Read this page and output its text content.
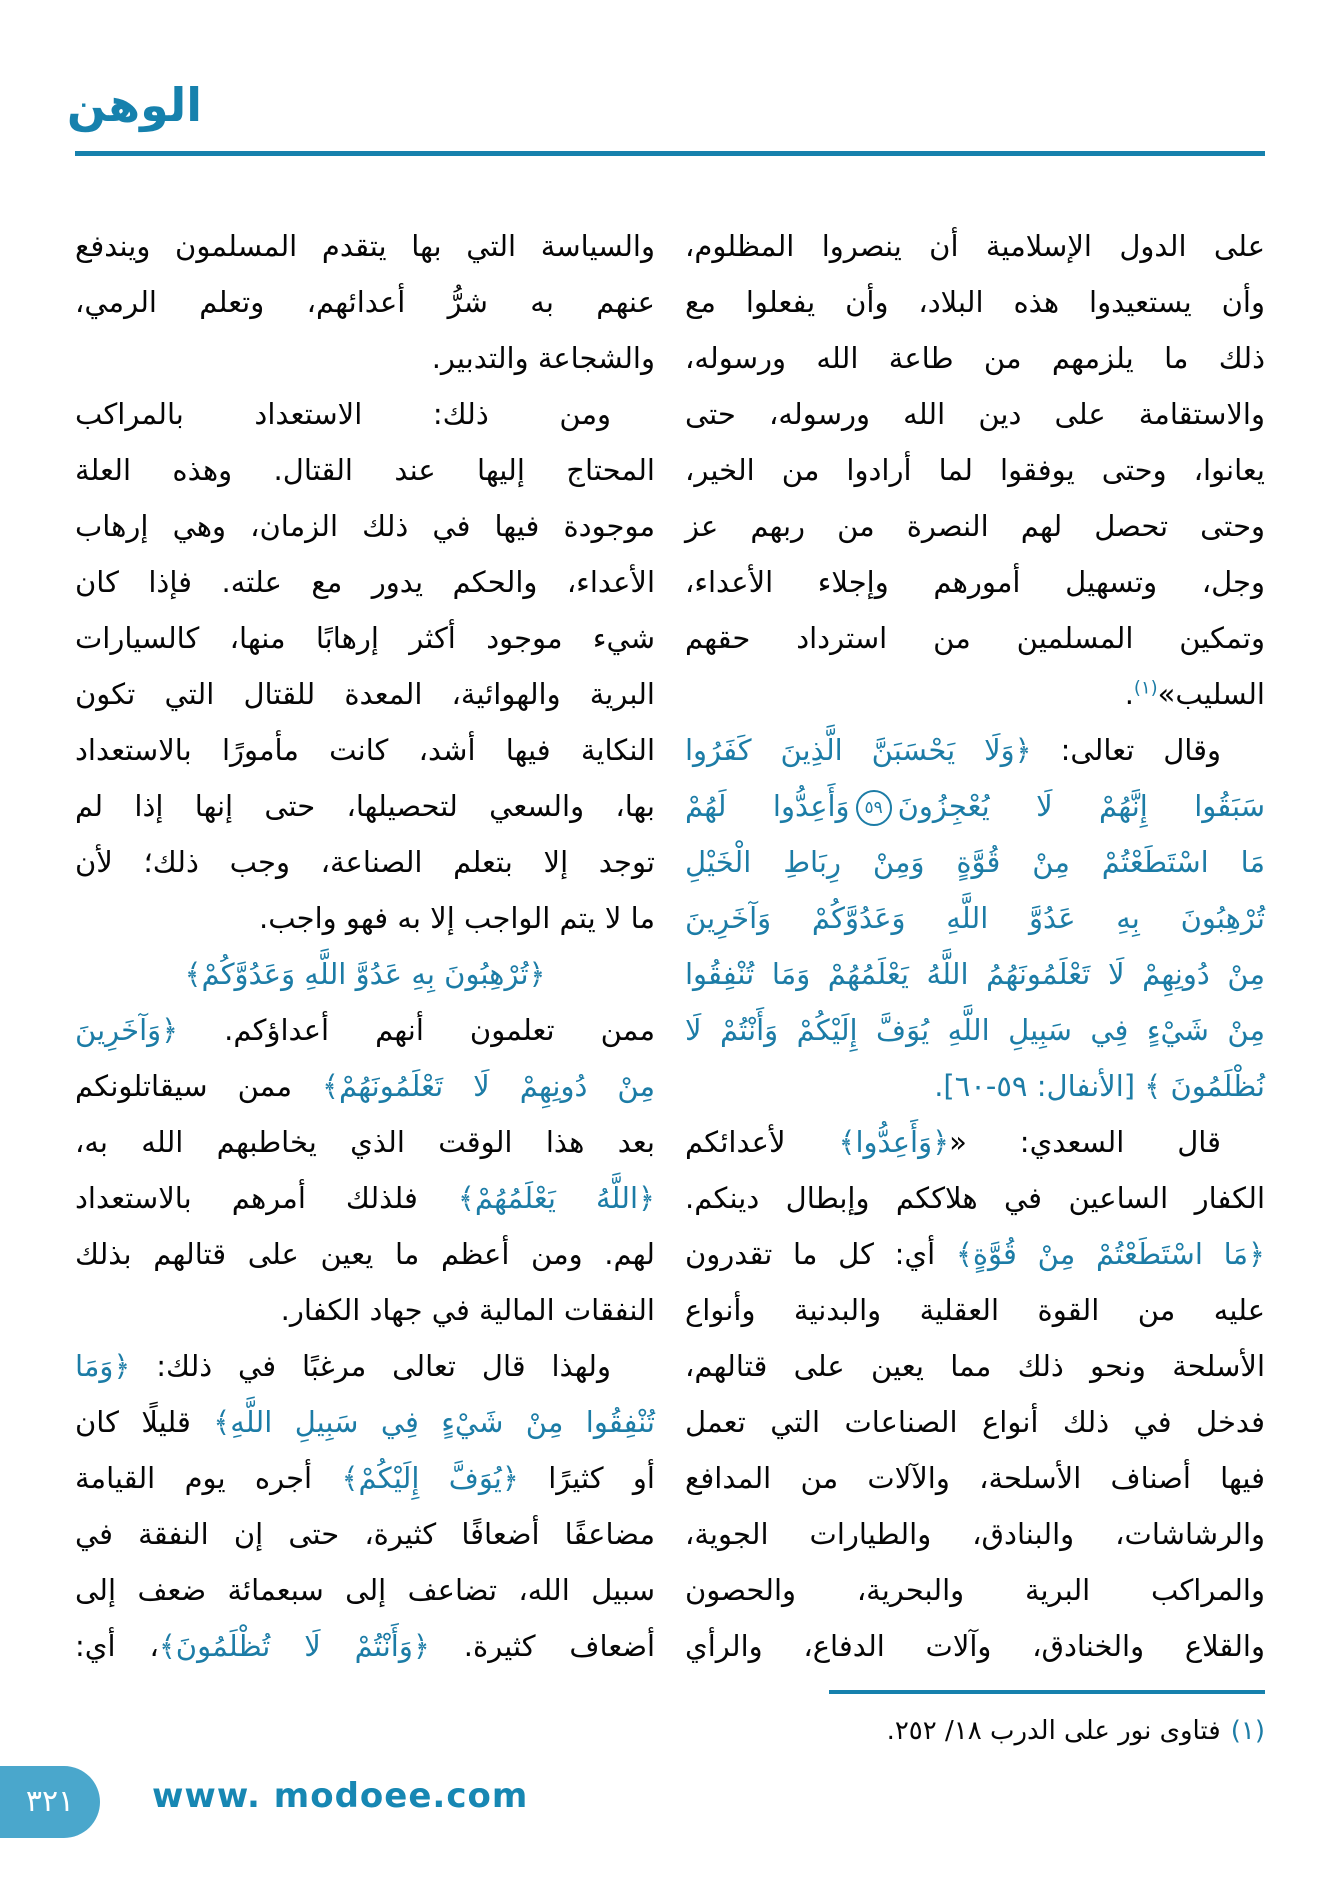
الوهن
على الدول الإسلامية أن ينصروا المظلوم،
وأن يستعيدوا هذه البلاد، وأن يفعلوا مع
ذلك ما يلزمهم من طاعة الله ورسوله،
والاستقامة على دين الله ورسوله، حتى
يعانوا، وحتى يوفقوا لما أرادوا من الخير،
وحتى تحصل لهم النصرة من ربهم عز
وجل، وتسهيل أمورهم وإجلاء الأعداء،
وتمكين المسلمين من استرداد حقهم
السليب»$^{(١)}$.
وقال تعالى: ﴿وَلَا يَحْسَبَنَّ الَّذِينَ كَفَرُوا
سَبَقُوا إِنَّهُمْ لَا يُعْجِزُونَ٥٩وَأَعِدُّوا لَهُمْ
مَا اسْتَطَعْتُمْ مِنْ قُوَّةٍ وَمِنْ رِبَاطِ الْخَيْلِ
تُرْهِبُونَ بِهِ عَدُوَّ اللَّهِ وَعَدُوَّكُمْ وَآخَرِينَ
مِنْ دُونِهِمْ لَا تَعْلَمُونَهُمُ اللَّهُ يَعْلَمُهُمْ وَمَا تُنْفِقُوا
مِنْ شَيْءٍ فِي سَبِيلِ اللَّهِ يُوَفَّ إِلَيْكُمْ وَأَنْتُمْ لَا
نُظْلَمُونَ ﴾ [الأنفال: ٥٩-٦٠].
قال السعدي: «﴿وَأَعِدُّوا﴾ لأعدائكم
الكفار الساعين في هلاككم وإبطال دينكم.
﴿مَا اسْتَطَعْتُمْ مِنْ قُوَّةٍ﴾ أي: كل ما تقدرون
عليه من القوة العقلية والبدنية وأنواع
الأسلحة ونحو ذلك مما يعين على قتالهم،
فدخل في ذلك أنواع الصناعات التي تعمل
فيها أصناف الأسلحة، والآلات من المدافع
والرشاشات، والبنادق، والطيارات الجوية،
والمراكب البرية والبحرية، والحصون
والقلاع والخنادق، وآلات الدفاع، والرأي
والسياسة التي بها يتقدم المسلمون ويندفع
عنهم به شرُّ أعدائهم، وتعلم الرمي،
والشجاعة والتدبير.
ومن ذلك: الاستعداد بالمراكب
المحتاج إليها عند القتال. وهذه العلة
موجودة فيها في ذلك الزمان، وهي إرهاب
الأعداء، والحكم يدور مع علته. فإذا كان
شيء موجود أكثر إرهابًا منها، كالسيارات
البرية والهوائية، المعدة للقتال التي تكون
النكاية فيها أشد، كانت مأمورًا بالاستعداد
بها، والسعي لتحصيلها، حتى إنها إذا لم
توجد إلا بتعلم الصناعة، وجب ذلك؛ لأن
ما لا يتم الواجب إلا به فهو واجب.
﴿تُرْهِبُونَ بِهِ عَدُوَّ اللَّهِ وَعَدُوَّكُمْ﴾
ممن تعلمون أنهم أعداؤكم. ﴿وَآخَرِينَ
مِنْ دُونِهِمْ لَا تَعْلَمُونَهُمْ﴾ ممن سيقاتلونكم
بعد هذا الوقت الذي يخاطبهم الله به،
﴿اللَّهُ يَعْلَمُهُمْ﴾ فلذلك أمرهم بالاستعداد
لهم. ومن أعظم ما يعين على قتالهم بذلك
النفقات المالية في جهاد الكفار.
ولهذا قال تعالى مرغبًا في ذلك: ﴿وَمَا
تُنْفِقُوا مِنْ شَيْءٍ فِي سَبِيلِ اللَّهِ﴾ قليلًا كان
أو كثيرًا ﴿يُوَفَّ إِلَيْكُمْ﴾ أجره يوم القيامة
مضاعفًا أضعافًا كثيرة، حتى إن النفقة في
سبيل الله، تضاعف إلى سبعمائة ضعف إلى
أضعاف كثيرة. ﴿وَأَنْتُمْ لَا تُظْلَمُونَ﴾، أي:
(١)فتاوى نور على الدرب ١٨/ ٢٥٢.
٣٢١	www. modoee.com
